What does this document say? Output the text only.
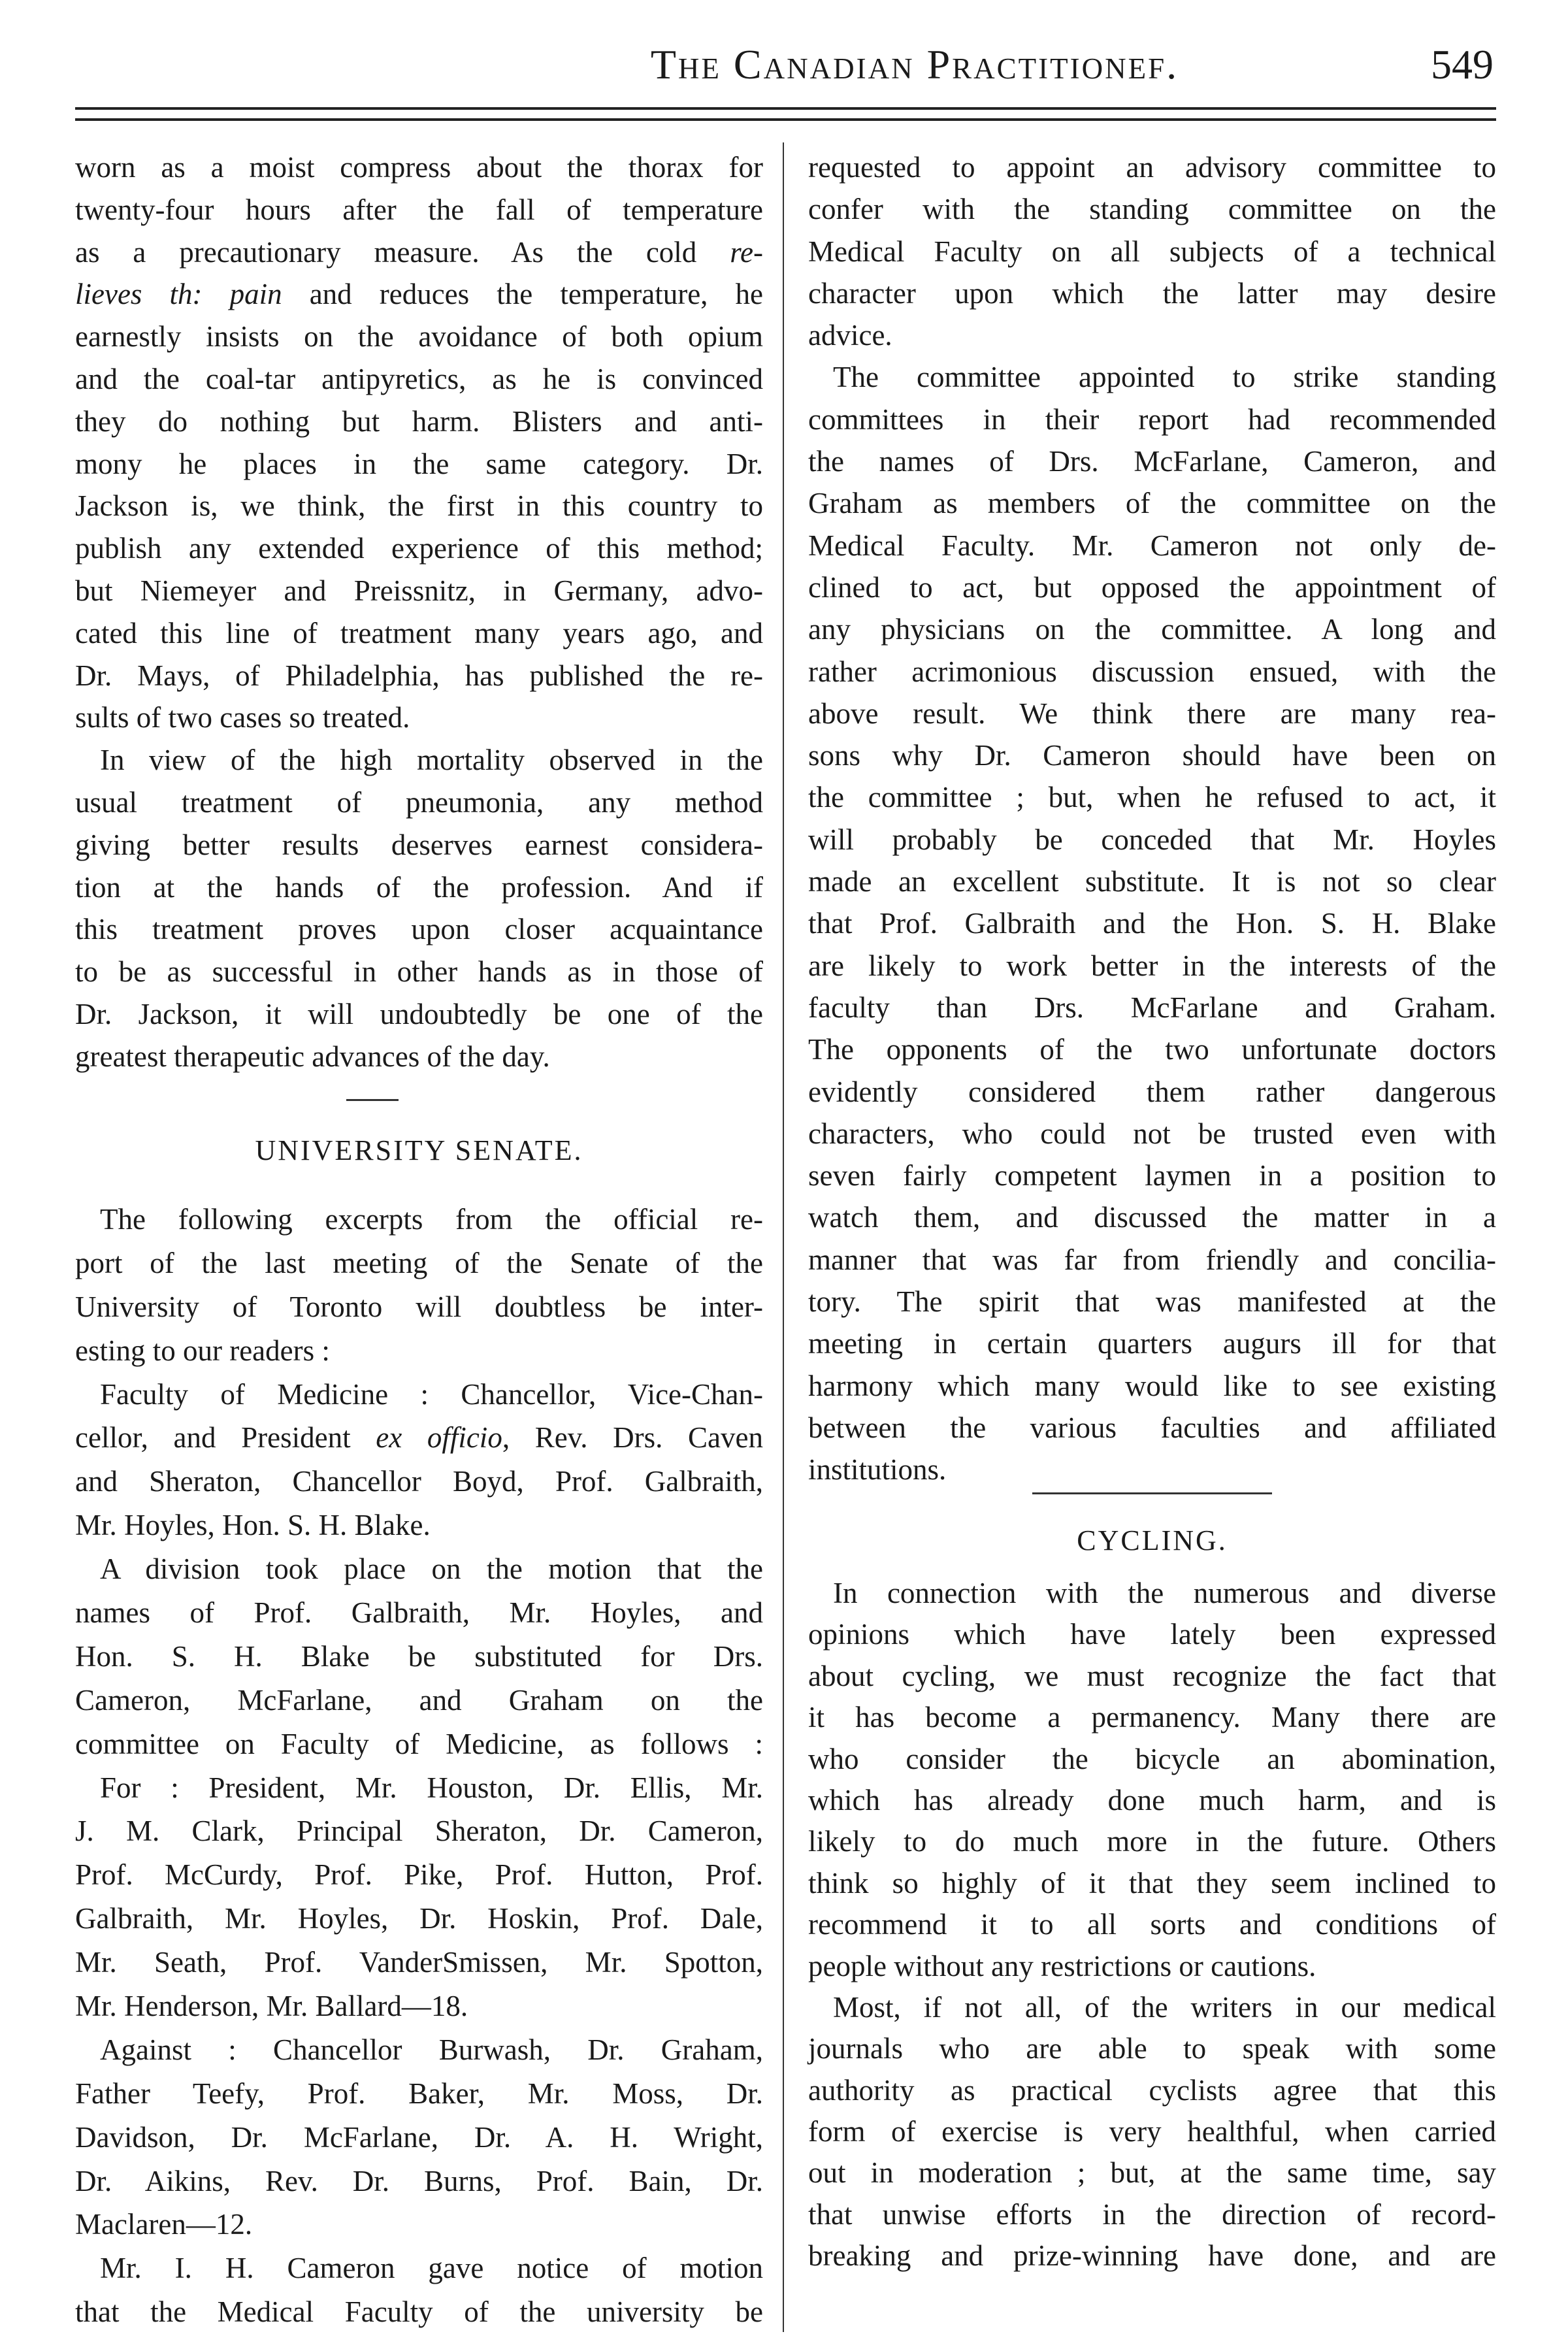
The Canadian Practitionef.	549
worn as a moist compress about the thorax for
twenty-four hours after the fall of temperature
as a precautionary measure. As the cold re-
lieves th: pain and reduces the temperature, he
earnestly insists on the avoidance of both opium
and the coal-tar antipyretics, as he is convinced
they do nothing but harm. Blisters and anti-
mony he places in the same category. Dr.
Jackson is, we think, the first in this country to
publish any extended experience of this method;
but Niemeyer and Preissnitz, in Germany, advo-
cated this line of treatment many years ago, and
Dr. Mays, of Philadelphia, has published the re-
sults of two cases so treated.
In view of the high mortality observed in the
usual treatment of pneumonia, any method
giving better results deserves earnest considera-
tion at the hands of the profession. And if
this treatment proves upon closer acquaintance
to be as successful in other hands as in those of
Dr. Jackson, it will undoubtedly be one of the
greatest therapeutic advances of the day.
UNIVERSITY SENATE.
The following excerpts from the official re-
port of the last meeting of the Senate of the
University of Toronto will doubtless be inter-
esting to our readers :
Faculty of Medicine : Chancellor, Vice-Chan-
cellor, and President ex officio, Rev. Drs. Caven
and Sheraton, Chancellor Boyd, Prof. Galbraith,
Mr. Hoyles, Hon. S. H. Blake.
A division took place on the motion that the
names of Prof. Galbraith, Mr. Hoyles, and
Hon. S. H. Blake be substituted for Drs.
Cameron, McFarlane, and Graham on the
committee on Faculty of Medicine, as follows :
For : President, Mr. Houston, Dr. Ellis, Mr.
J. M. Clark, Principal Sheraton, Dr. Cameron,
Prof. McCurdy, Prof. Pike, Prof. Hutton, Prof.
Galbraith, Mr. Hoyles, Dr. Hoskin, Prof. Dale,
Mr. Seath, Prof. VanderSmissen, Mr. Spotton,
Mr. Henderson, Mr. Ballard—18.
Against : Chancellor Burwash, Dr. Graham,
Father Teefy, Prof. Baker, Mr. Moss, Dr.
Davidson, Dr. McFarlane, Dr. A. H. Wright,
Dr. Aikins, Rev. Dr. Burns, Prof. Bain, Dr.
Maclaren—12.
Mr. I. H. Cameron gave notice of motion
that the Medical Faculty of the university be
requested to appoint an advisory committee to
confer with the standing committee on the
Medical Faculty on all subjects of a technical
character upon which the latter may desire
advice.
The committee appointed to strike standing
committees in their report had recommended
the names of Drs. McFarlane, Cameron, and
Graham as members of the committee on the
Medical Faculty. Mr. Cameron not only de-
clined to act, but opposed the appointment of
any physicians on the committee. A long and
rather acrimonious discussion ensued, with the
above result. We think there are many rea-
sons why Dr. Cameron should have been on
the committee ; but, when he refused to act, it
will probably be conceded that Mr. Hoyles
made an excellent substitute. It is not so clear
that Prof. Galbraith and the Hon. S. H. Blake
are likely to work better in the interests of the
faculty than Drs. McFarlane and Graham.
The opponents of the two unfortunate doctors
evidently considered them rather dangerous
characters, who could not be trusted even with
seven fairly competent laymen in a position to
watch them, and discussed the matter in a
manner that was far from friendly and concilia-
tory. The spirit that was manifested at the
meeting in certain quarters augurs ill for that
harmony which many would like to see existing
between the various faculties and affiliated
institutions.
CYCLING.
In connection with the numerous and diverse
opinions which have lately been expressed
about cycling, we must recognize the fact that
it has become a permanency. Many there are
who consider the bicycle an abomination,
which has already done much harm, and is
likely to do much more in the future. Others
think so highly of it that they seem inclined to
recommend it to all sorts and conditions of
people without any restrictions or cautions.
Most, if not all, of the writers in our medical
journals who are able to speak with some
authority as practical cyclists agree that this
form of exercise is very healthful, when carried
out in moderation ; but, at the same time, say
that unwise efforts in the direction of record-
breaking and prize-winning have done, and are
